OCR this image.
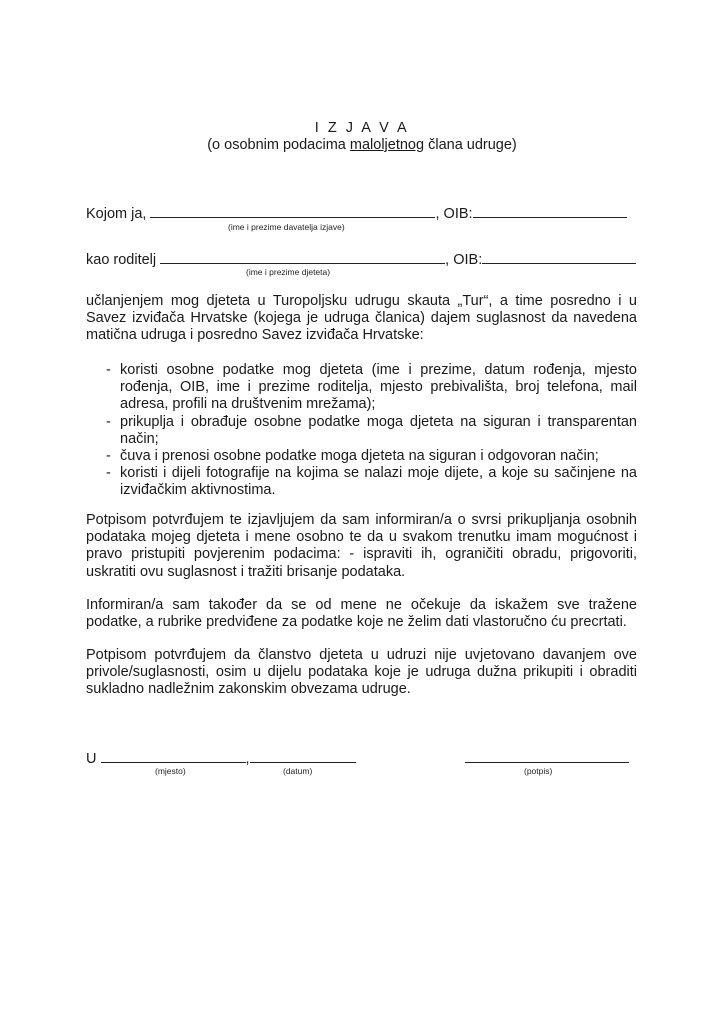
I Z J A V A
(o osobnim podacima maloljetnog člana udruge)
Kojom ja,	, OIB:
(ime i prezime davatelja izjave)
kao roditelj	, OIB:
(ime i prezime djeteta)

učlanjenjem mog djeteta u Turopoljsku udrugu skauta „Tur“, a time posredno i u Savez izviđača Hrvatske (kojega je udruga članica) dajem suglasnost da navedena matična udruga i posredno Savez izviđača Hrvatske:

- koristi osobne podatke mog djeteta (ime i prezime, datum rođenja, mjesto rođenja, OIB, ime i prezime roditelja, mjesto prebivališta, broj telefona, mail adresa, profili na društvenim mrežama);
- prikuplja i obrađuje osobne podatke moga djeteta na siguran i transparentan način;
- čuva i prenosi osobne podatke moga djeteta na siguran i odgovoran način;
- koristi i dijeli fotografije na kojima se nalazi moje dijete, a koje su sačinjene na izviđačkim aktivnostima.

Potpisom potvrđujem te izjavljujem da sam informiran/a o svrsi prikupljanja osobnih podataka mojeg djeteta i mene osobno te da u svakom trenutku imam mogućnost i pravo pristupiti povjerenim podacima: - ispraviti ih, ograničiti obradu, prigovoriti, uskratiti ovu suglasnost i tražiti brisanje podataka.

Informiran/a sam također da se od mene ne očekuje da iskažem sve tražene podatke, a rubrike predviđene za podatke koje ne želim dati vlastoručno ću precrtati.

Potpisom potvrđujem da članstvo djeteta u udruzi nije uvjetovano davanjem ove privole/suglasnosti, osim u dijelu podataka koje je udruga dužna prikupiti i obraditi sukladno nadležnim zakonskim obvezama udruge.

U	,
(mjesto)	(datum)	(potpis)
